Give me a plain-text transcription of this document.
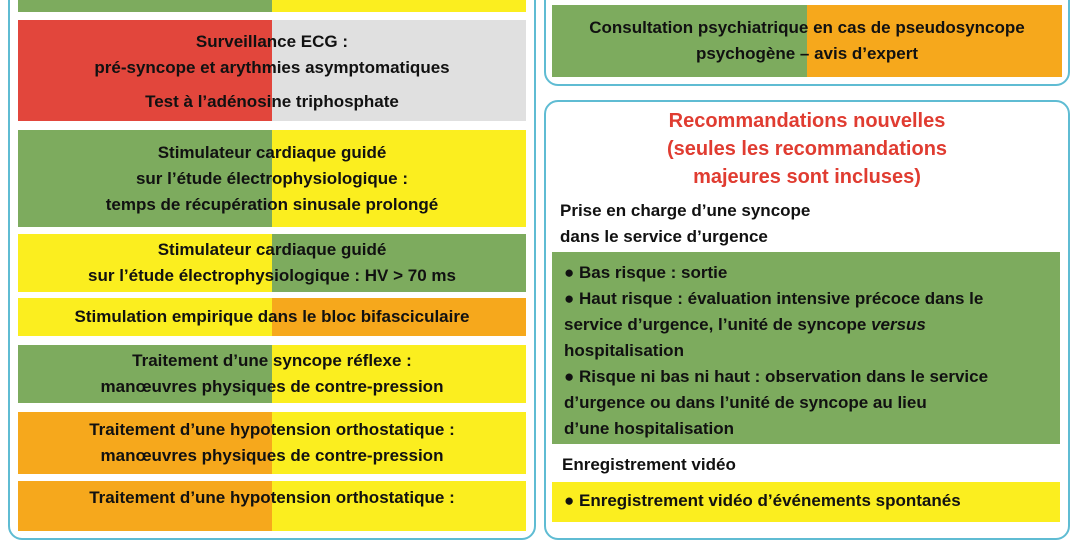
Surveillance ECG :
pré-syncope et arythmies asymptomatiques
Test à l’adénosine triphosphate
Stimulateur cardiaque guidé
sur l’étude électrophysiologique :
temps de récupération sinusale prolongé
Stimulateur cardiaque guidé
sur l’étude électrophysiologique : HV > 70 ms
Stimulation empirique dans le bloc bifasciculaire
Traitement d’une syncope réflexe :
manœuvres physiques de contre-pression
Traitement d’une hypotension orthostatique :
manœuvres physiques de contre-pression
Traitement d’une hypotension orthostatique :
Consultation psychiatrique en cas de pseudosyncope
psychogène – avis d’expert
Recommandations nouvelles
(seules les recommandations
majeures sont incluses)
Prise en charge d’une syncope
dans le service d’urgence
● Bas risque : sortie
● Haut risque : évaluation intensive précoce dans le
service d’urgence, l’unité de syncope versus
hospitalisation
● Risque ni bas ni haut : observation dans le service
d’urgence ou dans l’unité de syncope au lieu
d’une hospitalisation
Enregistrement vidéo
● Enregistrement vidéo d’événements spontanés
